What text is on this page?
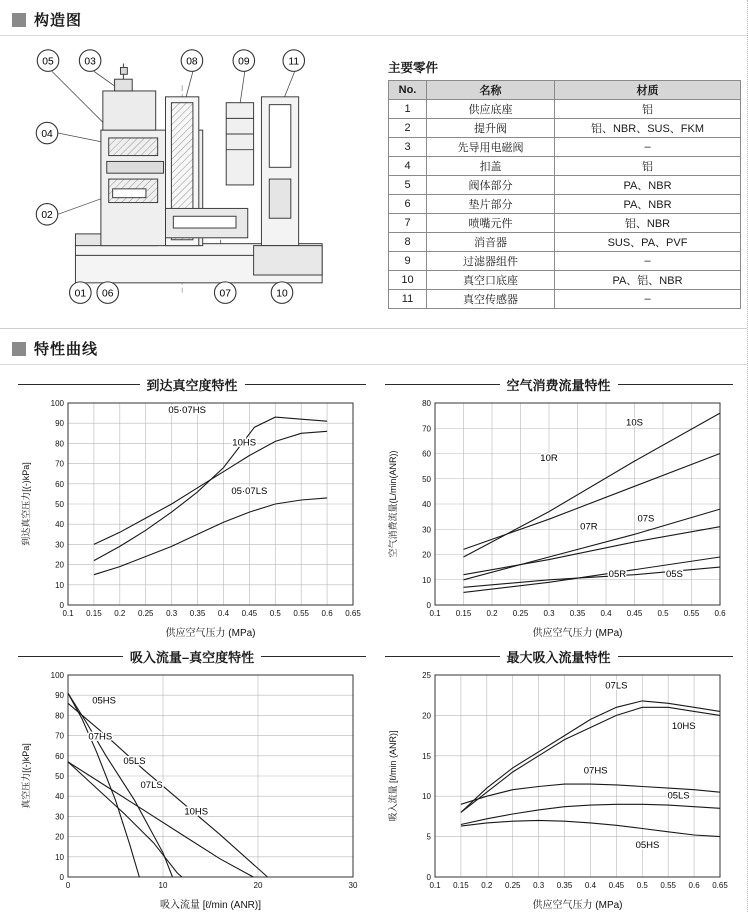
构造图
05	03	08	09	11
04
02
01 06	07	10
主要零件
No.	名称	材质
1	供应底座	铝
2	提升阀	铝、NBR、SUS、FKM
3	先导用电磁阀	–
4	扣盖	铝
5	阀体部分	PA、NBR
6	垫片部分	PA、NBR
7	喷嘴元件	铝、NBR
8	消音器	SUS、PA、PVF
9	过滤器组件	–
10	真空口底座	PA、铝、NBR
11	真空传感器	–
特性曲线
到达真空度特性
0.1 0.15 0.2 0.25 0.3 0.35 0.4 0.45 0.5 0.55 0.6 0.65
0
10
20
30
40
50
60
70
80
90
100
05·07HS
10HS
05·07LS
到达真空压力[(-)kPa]
供应空气压力 (MPa)
空气消费流量特性
0.1 0.15 0.2 0.25 0.3 0.35 0.4 0.45 0.5 0.55 0.6
0
10
20
30
40
50
60
70
80
10S
10R
07S
07R
05S
05R
空气消费流量(L/min(ANR))
供应空气压力 (MPa)
吸入流量–真空度特性
0	10	20	30
0
10
20
30
40
50
60
70
80
90
100
05HS
07HS
05LS
07LS
10HS
真空压力[(-)kPa]
吸入流量 [ℓ/min (ANR)]
最大吸入流量特性
0.1 0.15 0.2 0.25 0.3 0.35 0.4 0.45 0.5 0.55 0.6 0.65
0
5
10
15
20
25
07LS
10HS
07HS
05LS
05HS
吸入流量 [ℓ/min (ANR)]
供应空气压力 (MPa)
